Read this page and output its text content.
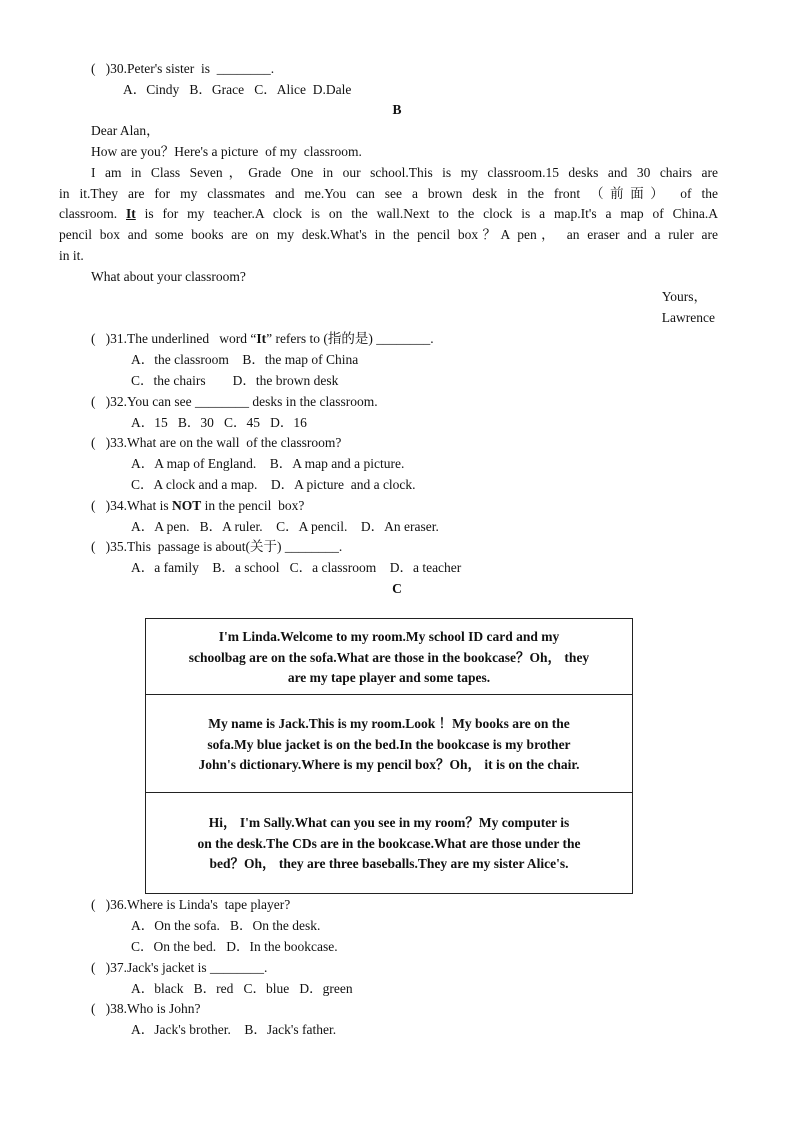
(   )30.Peter's sister  is  ________.
A．Cindy   B．Grace   C．Alice  D.Dale
B
Dear Alan，
How are you？Here's a picture  of my  classroom.
I am in Class Seven，Grade One in our school.This is my classroom.15 desks and 30 chairs are
in it.They are for my classmates and me.You can see a brown desk in the front （前面） of the
classroom. It is for my teacher.A clock is on the wall.Next to the clock is a map.It's a map of China.A
pencil box and some books are on my desk.What's in the pencil box？A pen， an eraser and a ruler are
in it.
What about your classroom?
Yours，
Lawrence
(   )31.The underlined   word “It” refers to (指的是) ________.
A．the classroom    B．the map of China
C．the chairs        D．the brown desk
(   )32.You can see ________ desks in the classroom.
A．15   B．30   C．45   D．16
(   )33.What are on the wall  of the classroom?
A．A map of England.    B．A map and a picture.
C．A clock and a map.    D．A picture  and a clock.
(   )34.What is NOT in the pencil  box?
A．A pen.   B．A ruler.    C．A pencil.    D．An eraser.
(   )35.This  passage is about(关于) ________.
A．a family    B．a school   C．a classroom    D．a teacher
C

I'm Linda.Welcome to my room.My school ID card and my

schoolbag are on the sofa.What are those in the bookcase？Oh， they

are my tape player and some tapes.

My name is Jack.This is my room.Look ！My books are on the

sofa.My blue jacket is on the bed.In the bookcase is my brother

John's dictionary.Where is my pencil box？Oh， it is on the chair.

Hi， I'm Sally.What can you see in my room？My computer is

on the desk.The CDs are in the bookcase.What are those under the

bed？Oh， they are three baseballs.They are my sister Alice's.

(   )36.Where is Linda's  tape player?
A．On the sofa.   B．On the desk.
C．On the bed.   D．In the bookcase.
(   )37.Jack's jacket is ________.
A．black   B．red   C．blue   D．green
(   )38.Who is John?
A．Jack's brother.    B．Jack's father.
